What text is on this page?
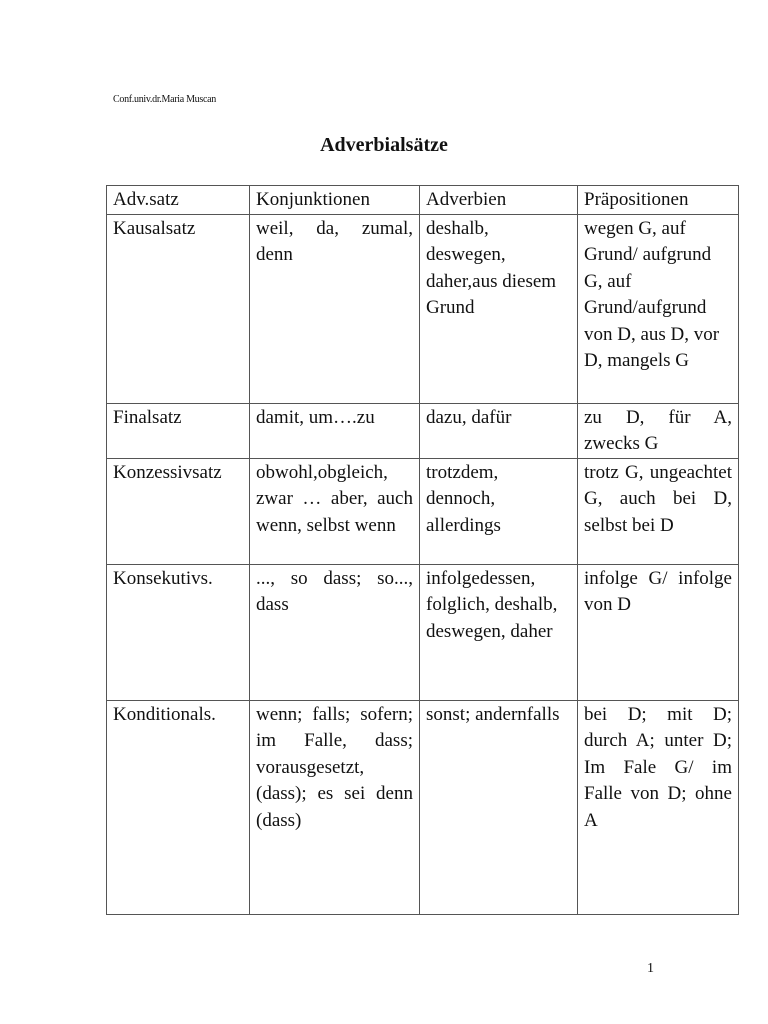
Conf.univ.dr.Maria Muscan
Adverbialsätze
Adv.satz	Konjunktionen	Adverbien	Präpositionen
Kausalsatz	weil, da, zumal, denn	deshalb, deswegen, daher,aus diesem Grund	wegen G, auf Grund/ aufgrund G, auf Grund/aufgrund von D, aus D, vor D, mangels G
Finalsatz	damit, um….zu	dazu, dafür	zu D, für A, zwecks G
Konzessivsatz	obwohl,obgleich, zwar … aber, auch wenn, selbst wenn	trotzdem, dennoch, allerdings	trotz G, ungeachtet G, auch bei D, selbst bei D
Konsekutivs.	..., so dass; so..., dass	infolgedessen, folglich, deshalb, deswegen, daher	infolge G/ infolge von D
Konditionals.	wenn; falls; sofern; im Falle, dass; vorausgesetzt, (dass); es sei denn (dass)	sonst; andernfalls	bei D; mit D; durch A; unter D; Im Fale G/ im Falle von D; ohne A
1
